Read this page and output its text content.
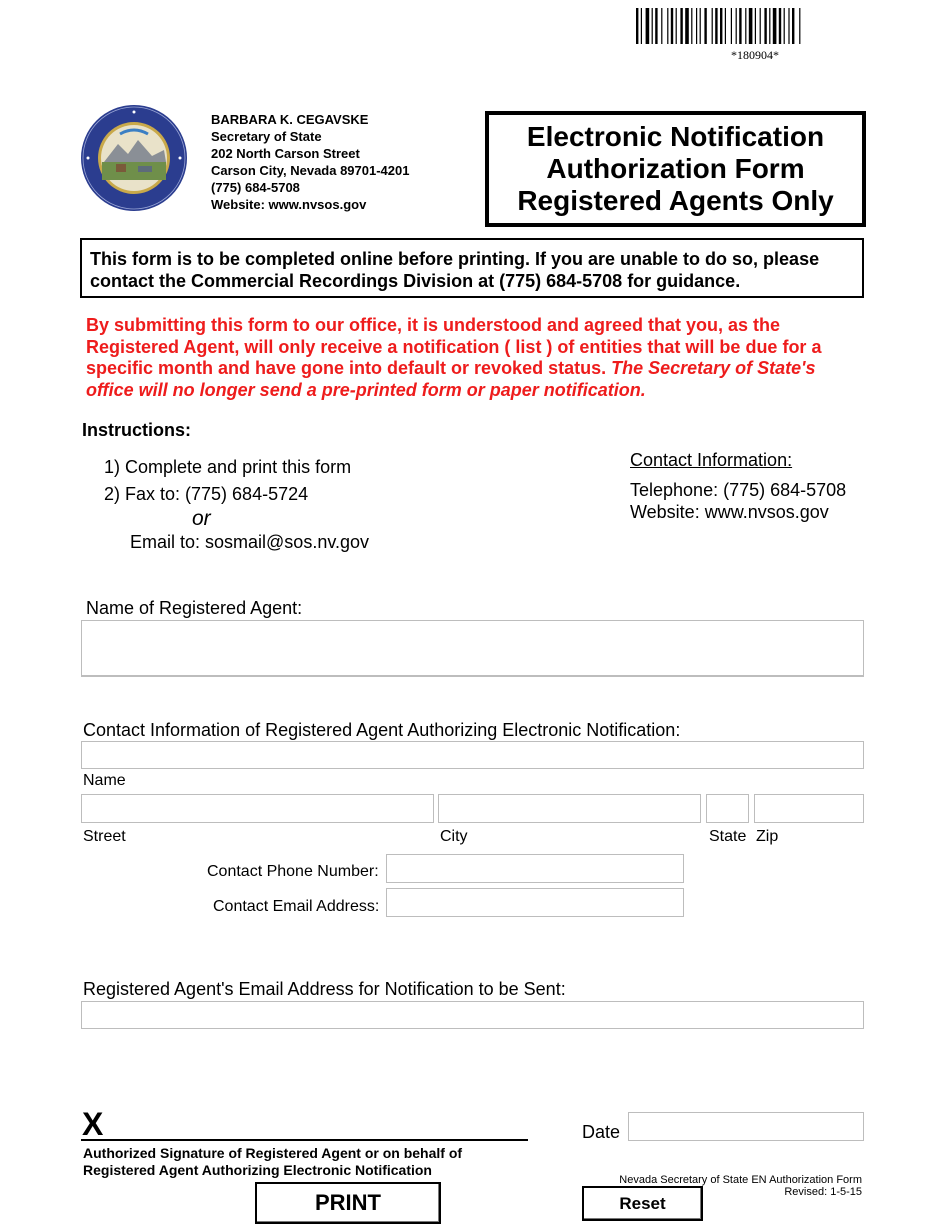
*180904*
BARBARA K. CEGAVSKE
Secretary of State
202 North Carson Street
Carson City, Nevada 89701-4201
(775) 684-5708
Website: www.nvsos.gov
Electronic Notification
Authorization Form
Registered Agents Only
This form is to be completed online before printing. If you are unable to do so, please contact the Commercial Recordings Division at (775) 684-5708 for guidance.
By submitting this form to our office, it is understood and agreed that you, as the Registered Agent, will only receive a notification ( list ) of entities that will be due for a specific month and have gone into default or revoked status. The Secretary of State's office will no longer send a pre-printed form or paper notification.
Instructions:
1) Complete and print this form
2) Fax to: (775) 684-5724
or
Email to: sosmail@sos.nv.gov
Contact Information:
Telephone: (775) 684-5708
Website: www.nvsos.gov
Name of Registered Agent:
Contact Information of Registered Agent Authorizing Electronic Notification:
Name
Street	City	State Zip
Contact Phone Number:
Contact Email Address:
Registered Agent's Email Address for Notification to be Sent:
X
Authorized Signature of Registered Agent or on behalf of
Registered Agent Authorizing Electronic Notification
Date
Nevada Secretary of State EN Authorization Form
Revised: 1-5-15
PRINT	Reset
